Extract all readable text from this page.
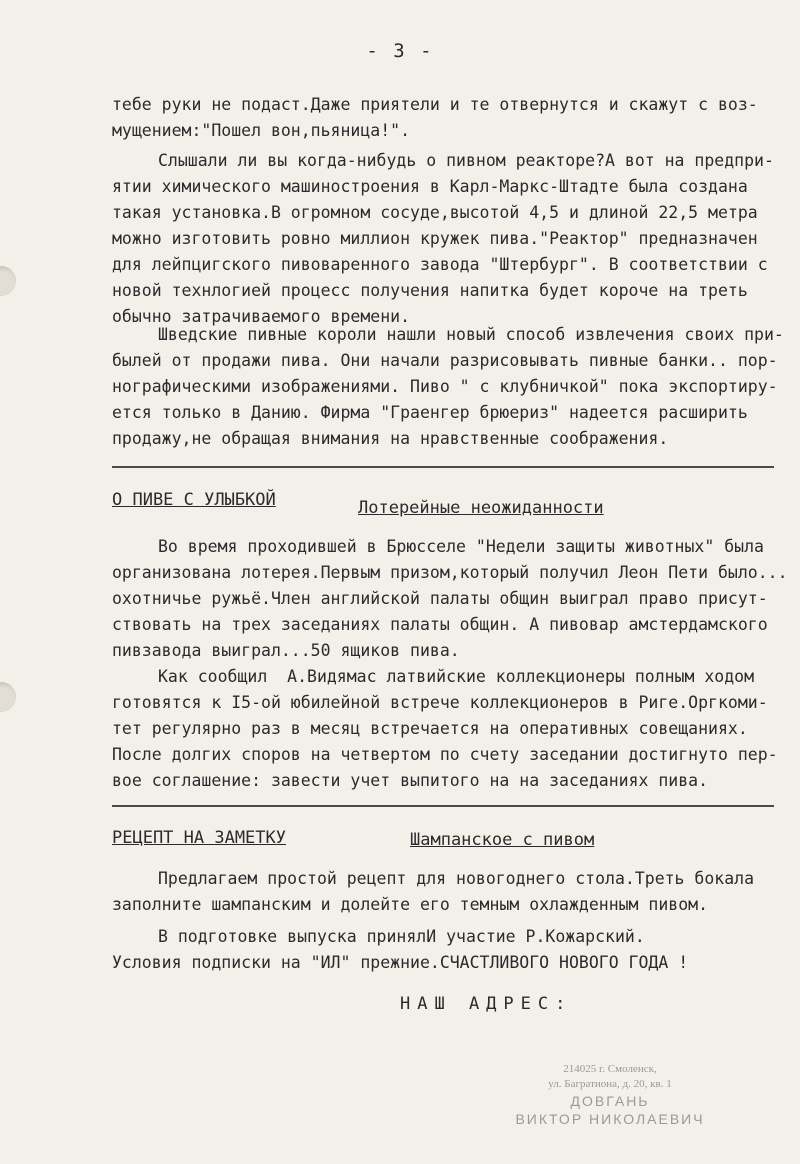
- 3 -
тебе руки не подаст.Даже приятели и те отвернутся и скажут с воз-
мущением:"Пошел вон,пьяница!".
Слышали ли вы когда-нибудь о пивном реакторе?А вот на предпри-
ятии химического машиностроения в Карл-Маркс-Штадте была создана
такая установка.В огромном сосуде,высотой 4,5 и длиной 22,5 метра
можно изготовить ровно миллион кружек пива."Реактор" предназначен
для лейпцигского пивоваренного завода "Штербург". В соответствии с
новой технлогией процесс получения напитка будет короче на треть
обычно затрачиваемого времени.
Шведские пивные короли нашли новый способ извлечения своих при-
былей от продажи пива. Они начали разрисовывать пивные банки.. пор-
нографическими изображениями. Пиво " с клубничкой" пока экспортиру-
ется только в Данию. Фирма "Граенгер брюериз" надеется расширить
продажу,не обращая внимания на нравственные соображения.
О ПИВЕ С УЛЫБКОЙ	Лотерейные неожиданности
Во время проходившей в Брюсселе "Недели защиты животных" была
организована лотерея.Первым призом,который получил Леон Пети было...
охотничье ружьё.Член английской палаты общин выиграл право присут-
ствовать на трех заседаниях палаты общин. А пивовар амстердамского
пивзавода выиграл...50 ящиков пива.
Как сообщил  А.Видямас латвийские коллекционеры полным ходом
готовятся к I5-ой юбилейной встрече коллекционеров в Риге.Оргкоми-
тет регулярно раз в месяц встречается на оперативных совещаниях.
После долгих споров на четвертом по счету заседании достигнуто пер-
вое соглашение: завести учет выпитого на на заседаниях пива.
РЕЦЕПТ НА ЗАМЕТКУ	Шампанское с пивом
Предлагаем простой рецепт для новогоднего стола.Треть бокала
заполните шампанским и долейте его темным охлажденным пивом.
В подготовке выпуска принялИ участие Р.Кожарский.
Условия подписки на "ИЛ" прежние.СЧАСТЛИВОГО НОВОГО ГОДА !
НАШ АДРЕС:
214025 г. Смоленск,
ул. Багратиона, д. 20, кв. 1
ДОВГАНЬ
ВИКТОР НИКОЛАЕВИЧ
